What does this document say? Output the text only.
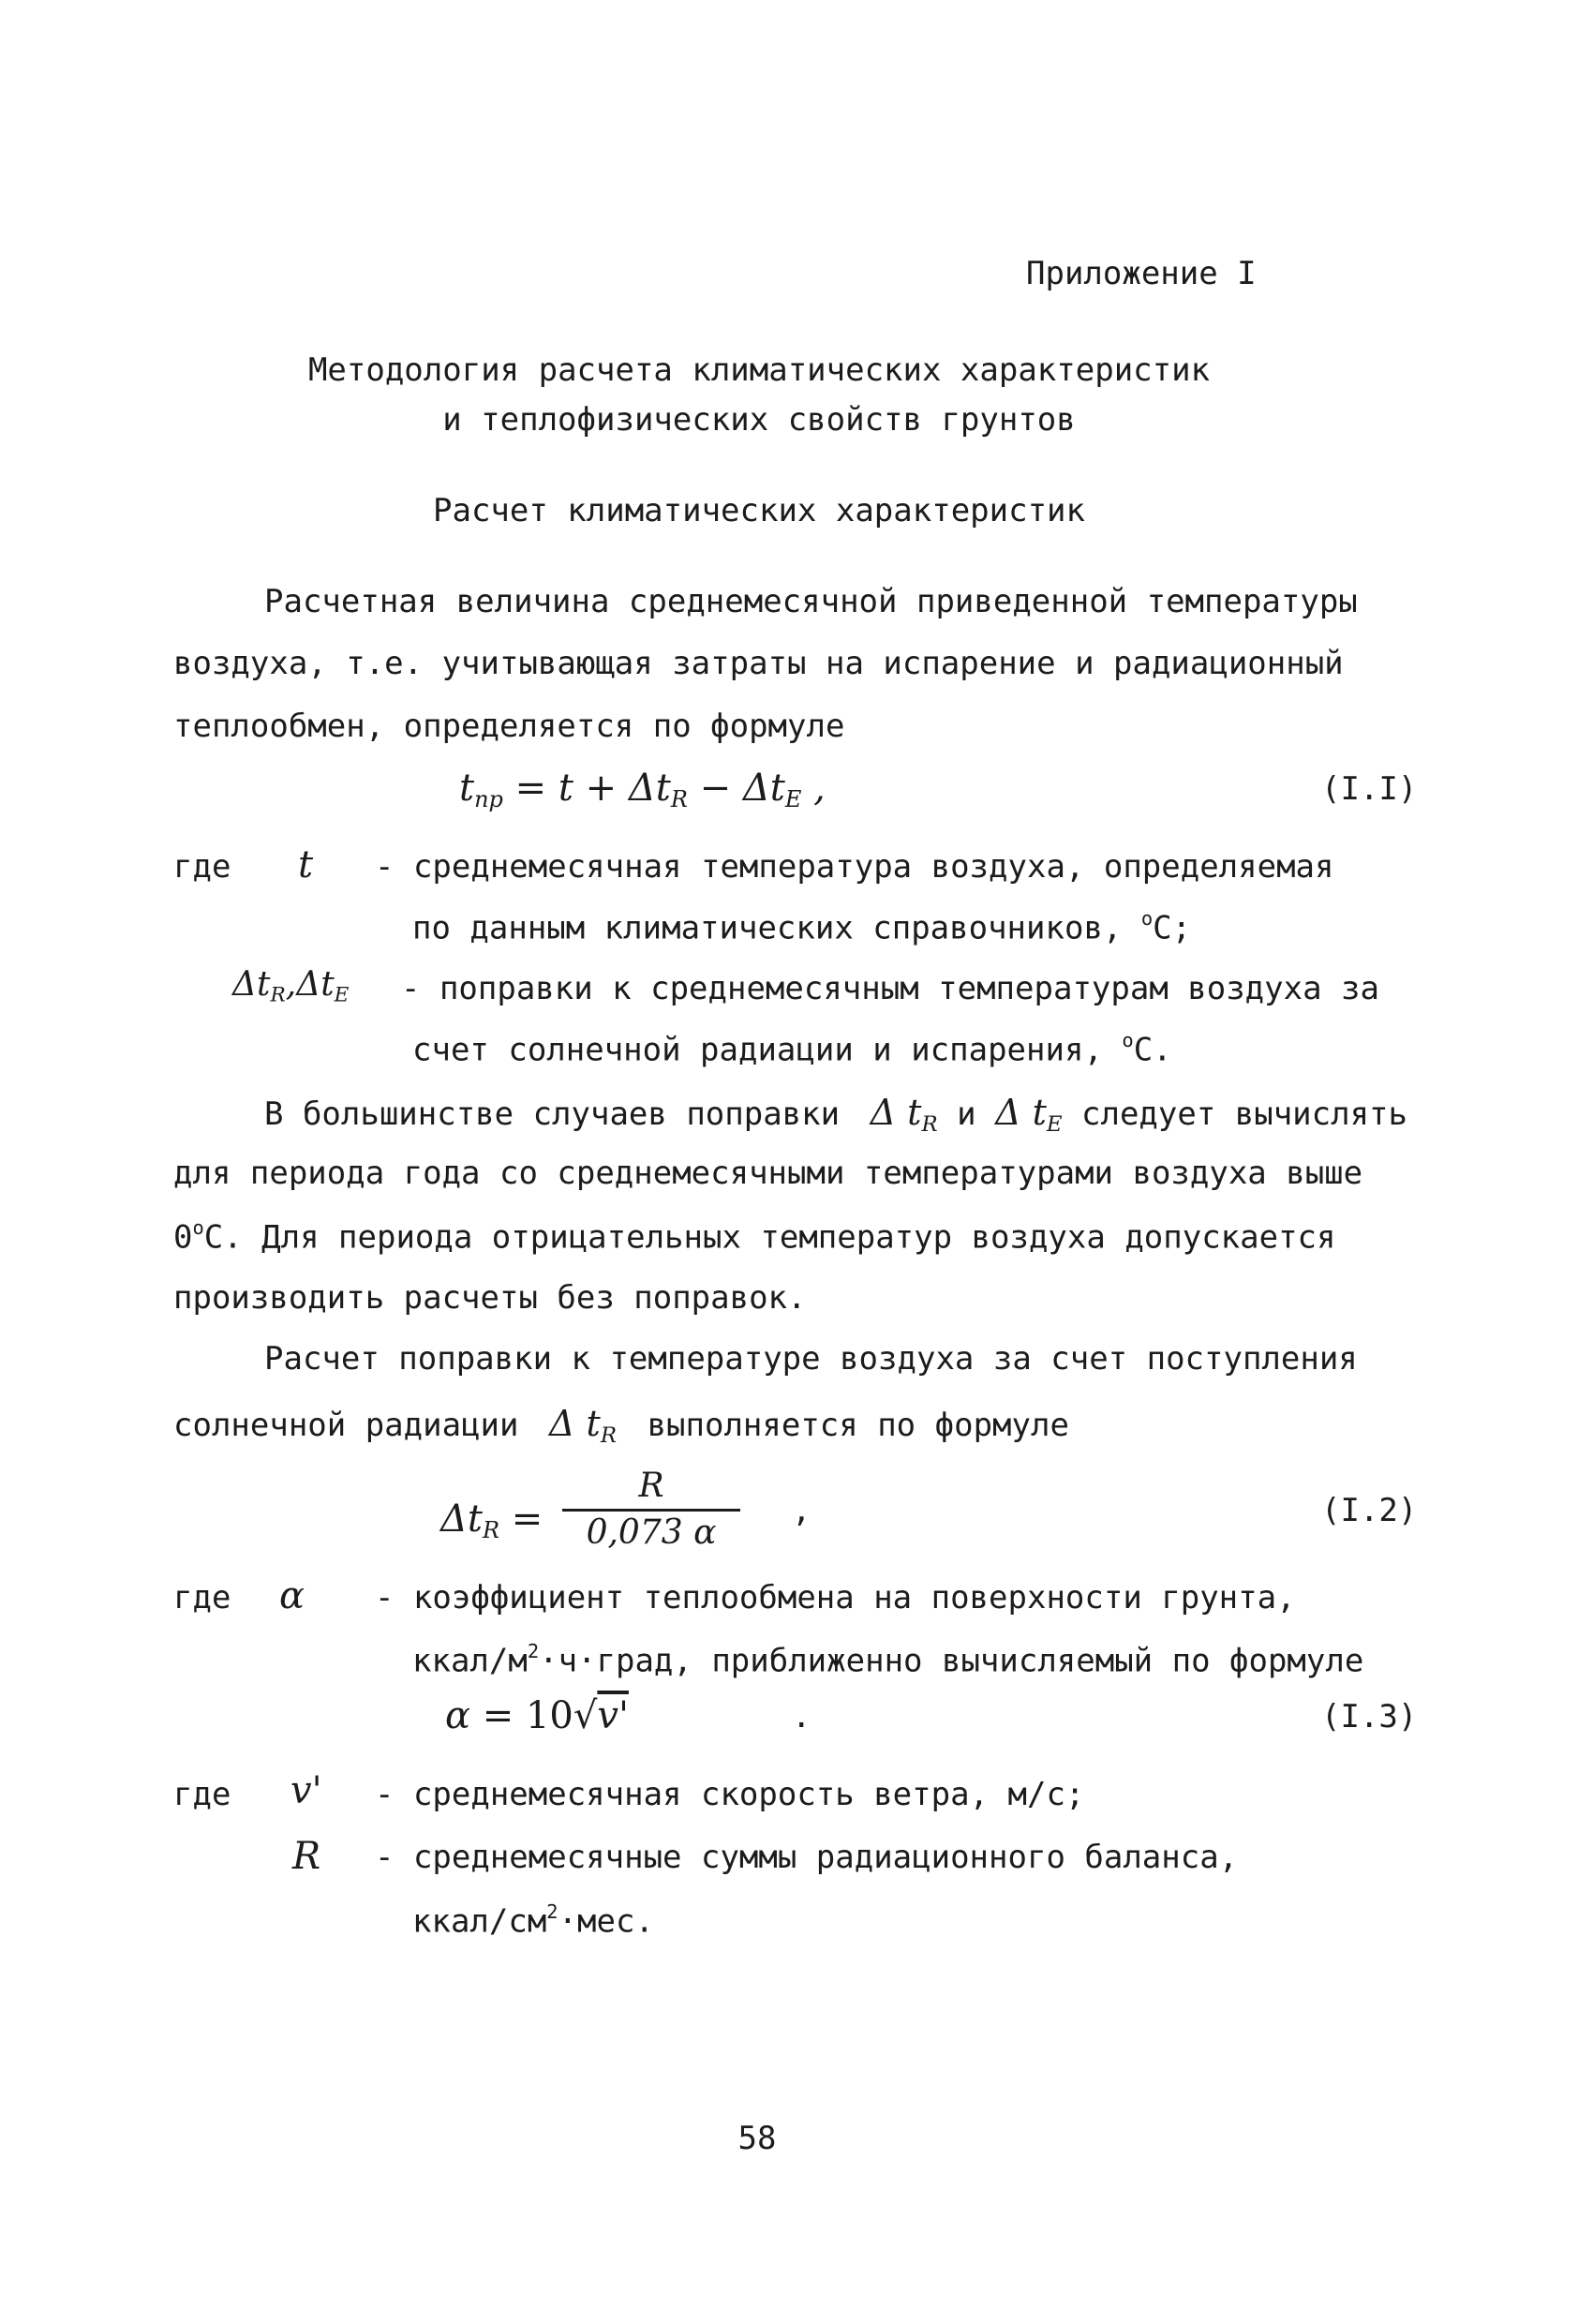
Приложение I
Методология расчета климатических характеристик
и теплофизических свойств грунтов
Расчет климатических характеристик
Расчетная величина среднемесячной приведенной температуры
воздуха, т.е. учитывающая затраты на испарение и радиационный
теплообмен, определяется по формуле
$t_{пр} = t + \Delta t_R - \Delta t_E$ ,	(I.I)
где t - среднемесячная температура воздуха, определяемая
по данным климатических справочников, $^o$C;
$\Delta t_R,\Delta t_E$ - поправки к среднемесячным температурам воздуха за
счет солнечной радиации и испарения, $^o$C.
В большинстве случаев поправки  Δ $t_R$ и Δ $t_E$ следует вычислять
для периода года со среднемесячными температурами воздуха выше
0$^o$C. Для периода отрицательных температур воздуха допускается
производить расчеты без поправок.
Расчет поправки к температуре воздуха за счет поступления
солнечной радиации  Δ $t_R$ выполняется по формуле
$\Delta t_R = \frac{R}{0,073 \alpha}$ ,	(I.2)
где α - коэффициент теплообмена на поверхности грунта,
ккал/$м^2\cdot ч\cdot град$, приближенно вычисляемый по формуле
α = 10√v'	.	(I.3)
где v' - среднемесячная скорость ветра, м/с;
R - среднемесячные суммы радиационного баланса,
ккал/$см^2\cdot мес$.
58
